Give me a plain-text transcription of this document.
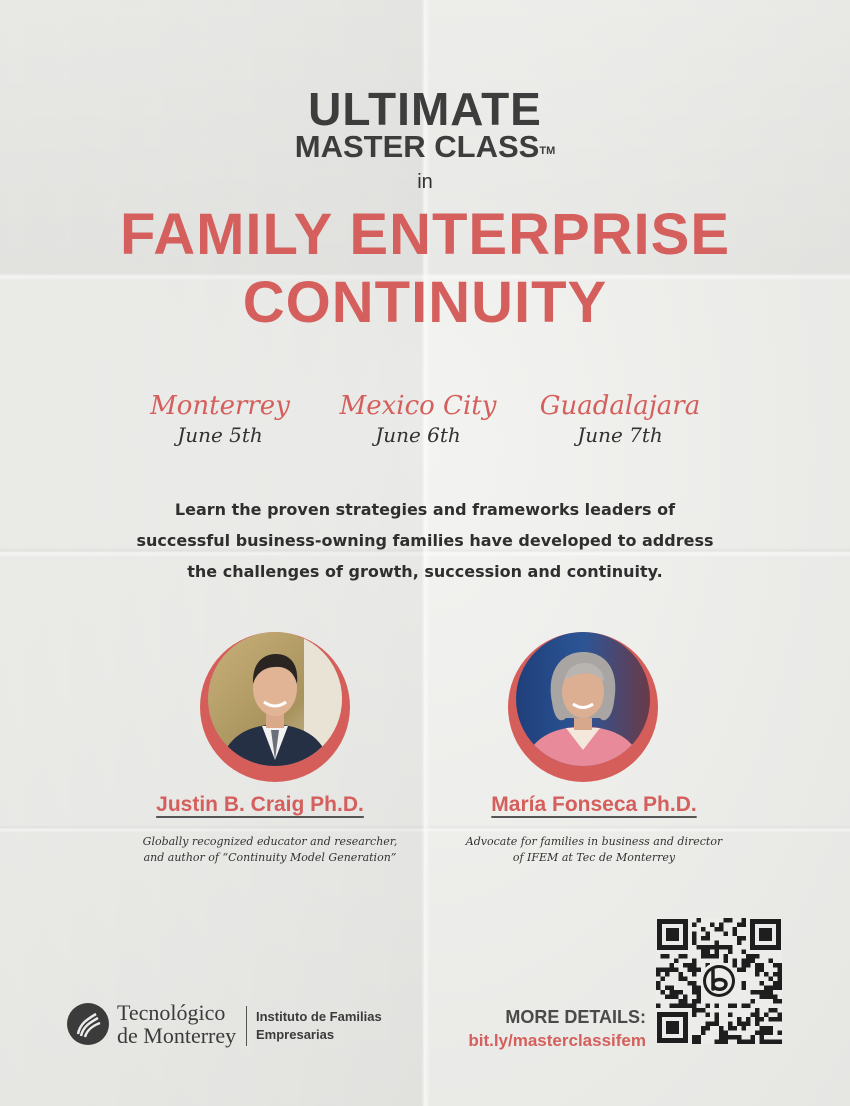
ULTIMATE
MASTER CLASS™
in
FAMILY ENTERPRISE
CONTINUITY
Monterrey
June 5th
Mexico City
June 6th
Guadalajara
June 7th
Learn the proven strategies and frameworks leaders of successful business-owning families have developed to address the challenges of growth, succession and continuity.
Justin B. Craig Ph.D.
Globally recognized educator and researcher,
and author of “Continuity Model Generation”
María Fonseca Ph.D.
Advocate for families in business and director
of IFEM at Tec de Monterrey
Tecnológico
de Monterrey
Instituto de Familias
Empresarias
MORE DETAILS:
bit.ly/masterclassifem
